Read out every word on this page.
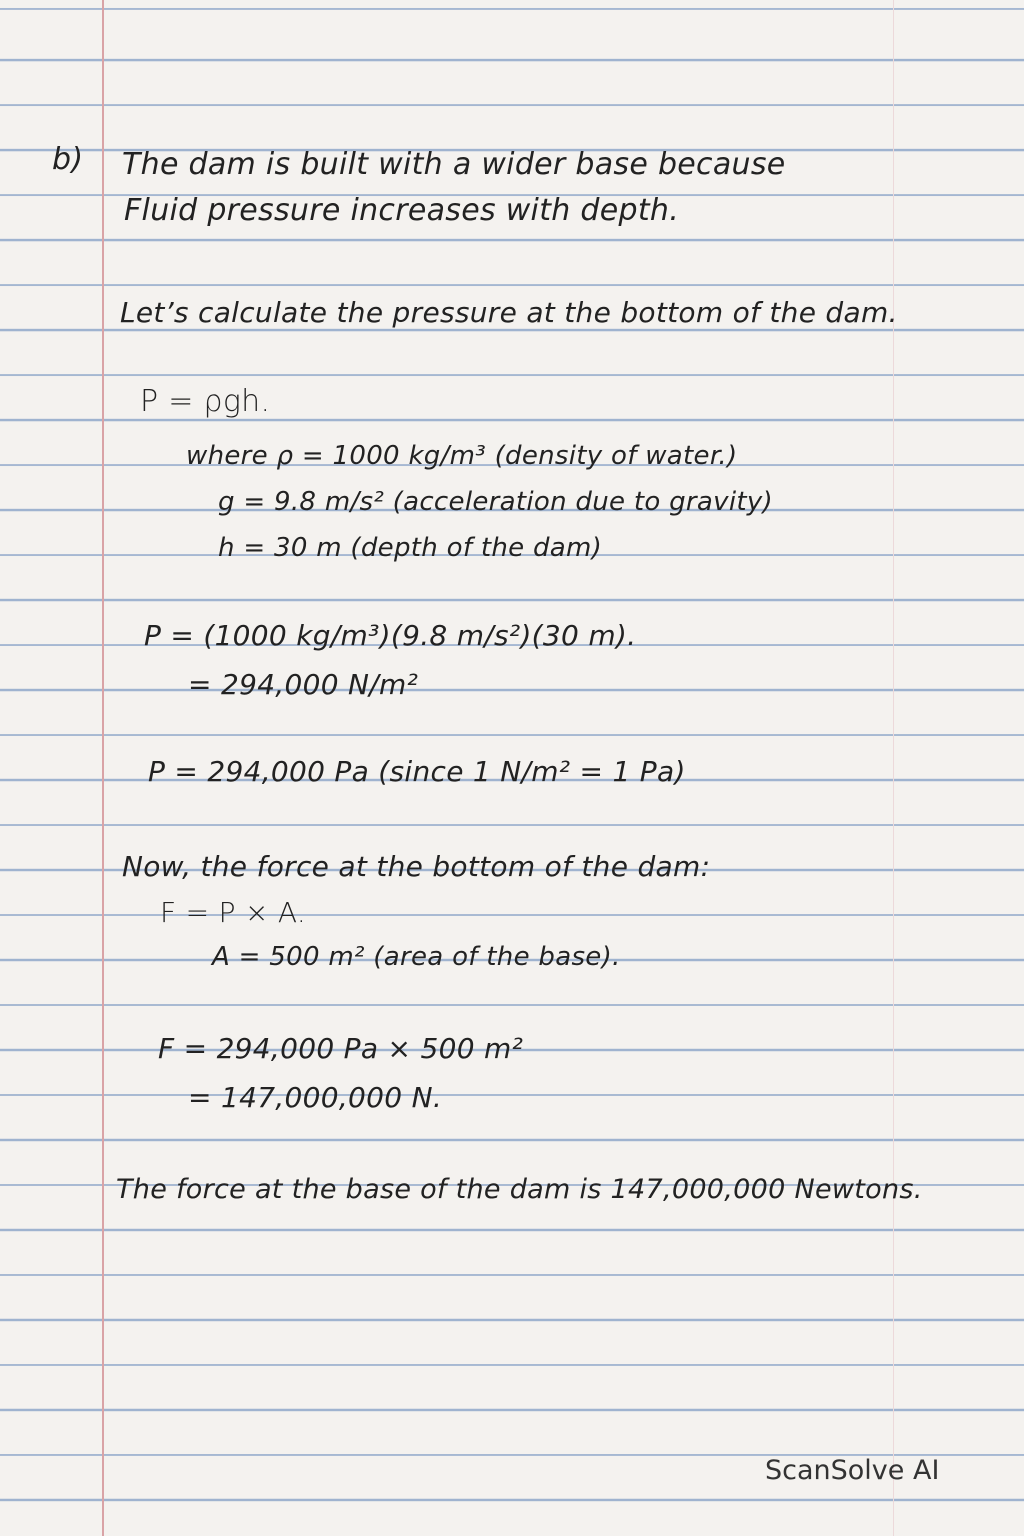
b) The dam is built with a wider base because
Fluid pressure increases with depth.
Let’s calculate the pressure at the bottom of the dam.
P = ρgh.
where ρ = 1000 kg/m³ (density of water.)
g = 9.8 m/s² (acceleration due to gravity)
h = 30 m (depth of the dam)
P = (1000 kg/m³)(9.8 m/s²)(30 m).
= 294,000 N/m²
P = 294,000 Pa (since 1 N/m² = 1 Pa)
Now, the force at the bottom of the dam:
F = P × A.
A = 500 m² (area of the base).
F = 294,000 Pa × 500 m²
= 147,000,000 N.
The force at the base of the dam is 147,000,000 Newtons.
ScanSolve AI
